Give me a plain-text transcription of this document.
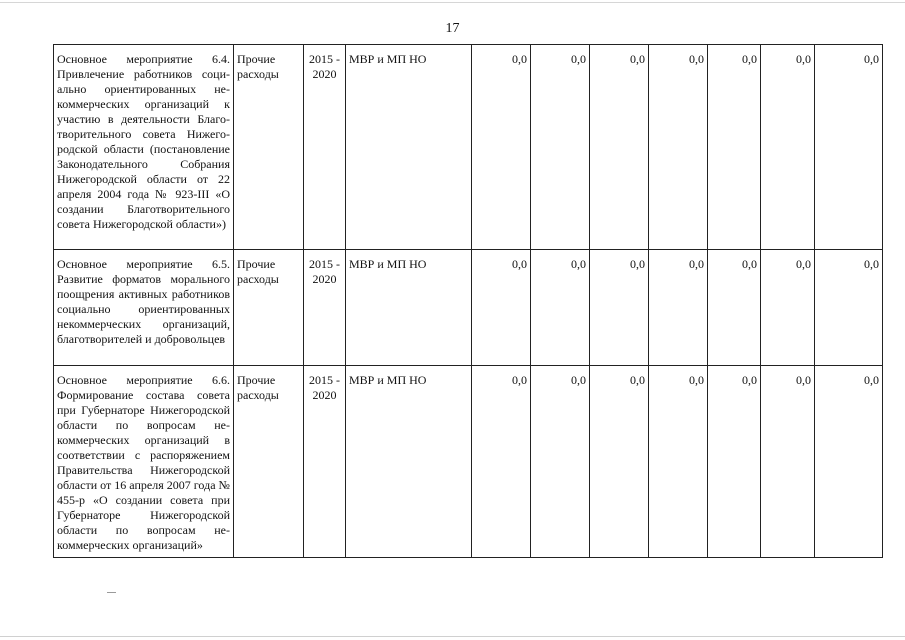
17
Основное мероприятие 6.4. Привлечение работников социально ориентированных некоммерческих организаций к участию в деятельности Благотворительного совета Нижегородской области (постановление Законодательного Собрания Нижегородской области от 22 апреля 2004 года № 923-III «О создании Благотворительного совета Нижегородской области»)	Прочие расходы	2015 - 2020	МВР и МП НО	0,0	0,0	0,0	0,0	0,0	0,0	0,0
Основное мероприятие 6.5. Развитие форматов морального поощрения активных работников социально ориентированных некоммерческих организаций, благотворителей и добровольцев	Прочие расходы	2015 - 2020	МВР и МП НО	0,0	0,0	0,0	0,0	0,0	0,0	0,0
Основное мероприятие 6.6. Формирование состава совета при Губернаторе Нижегородской области по вопросам некоммерческих организаций в соответствии с распоряжением Правительства Нижегородской области от 16 апреля 2007 года № 455-р «О создании совета при Губернаторе Нижегородской области по вопросам некоммерческих организаций»	Прочие расходы	2015 - 2020	МВР и МП НО	0,0	0,0	0,0	0,0	0,0	0,0	0,0
